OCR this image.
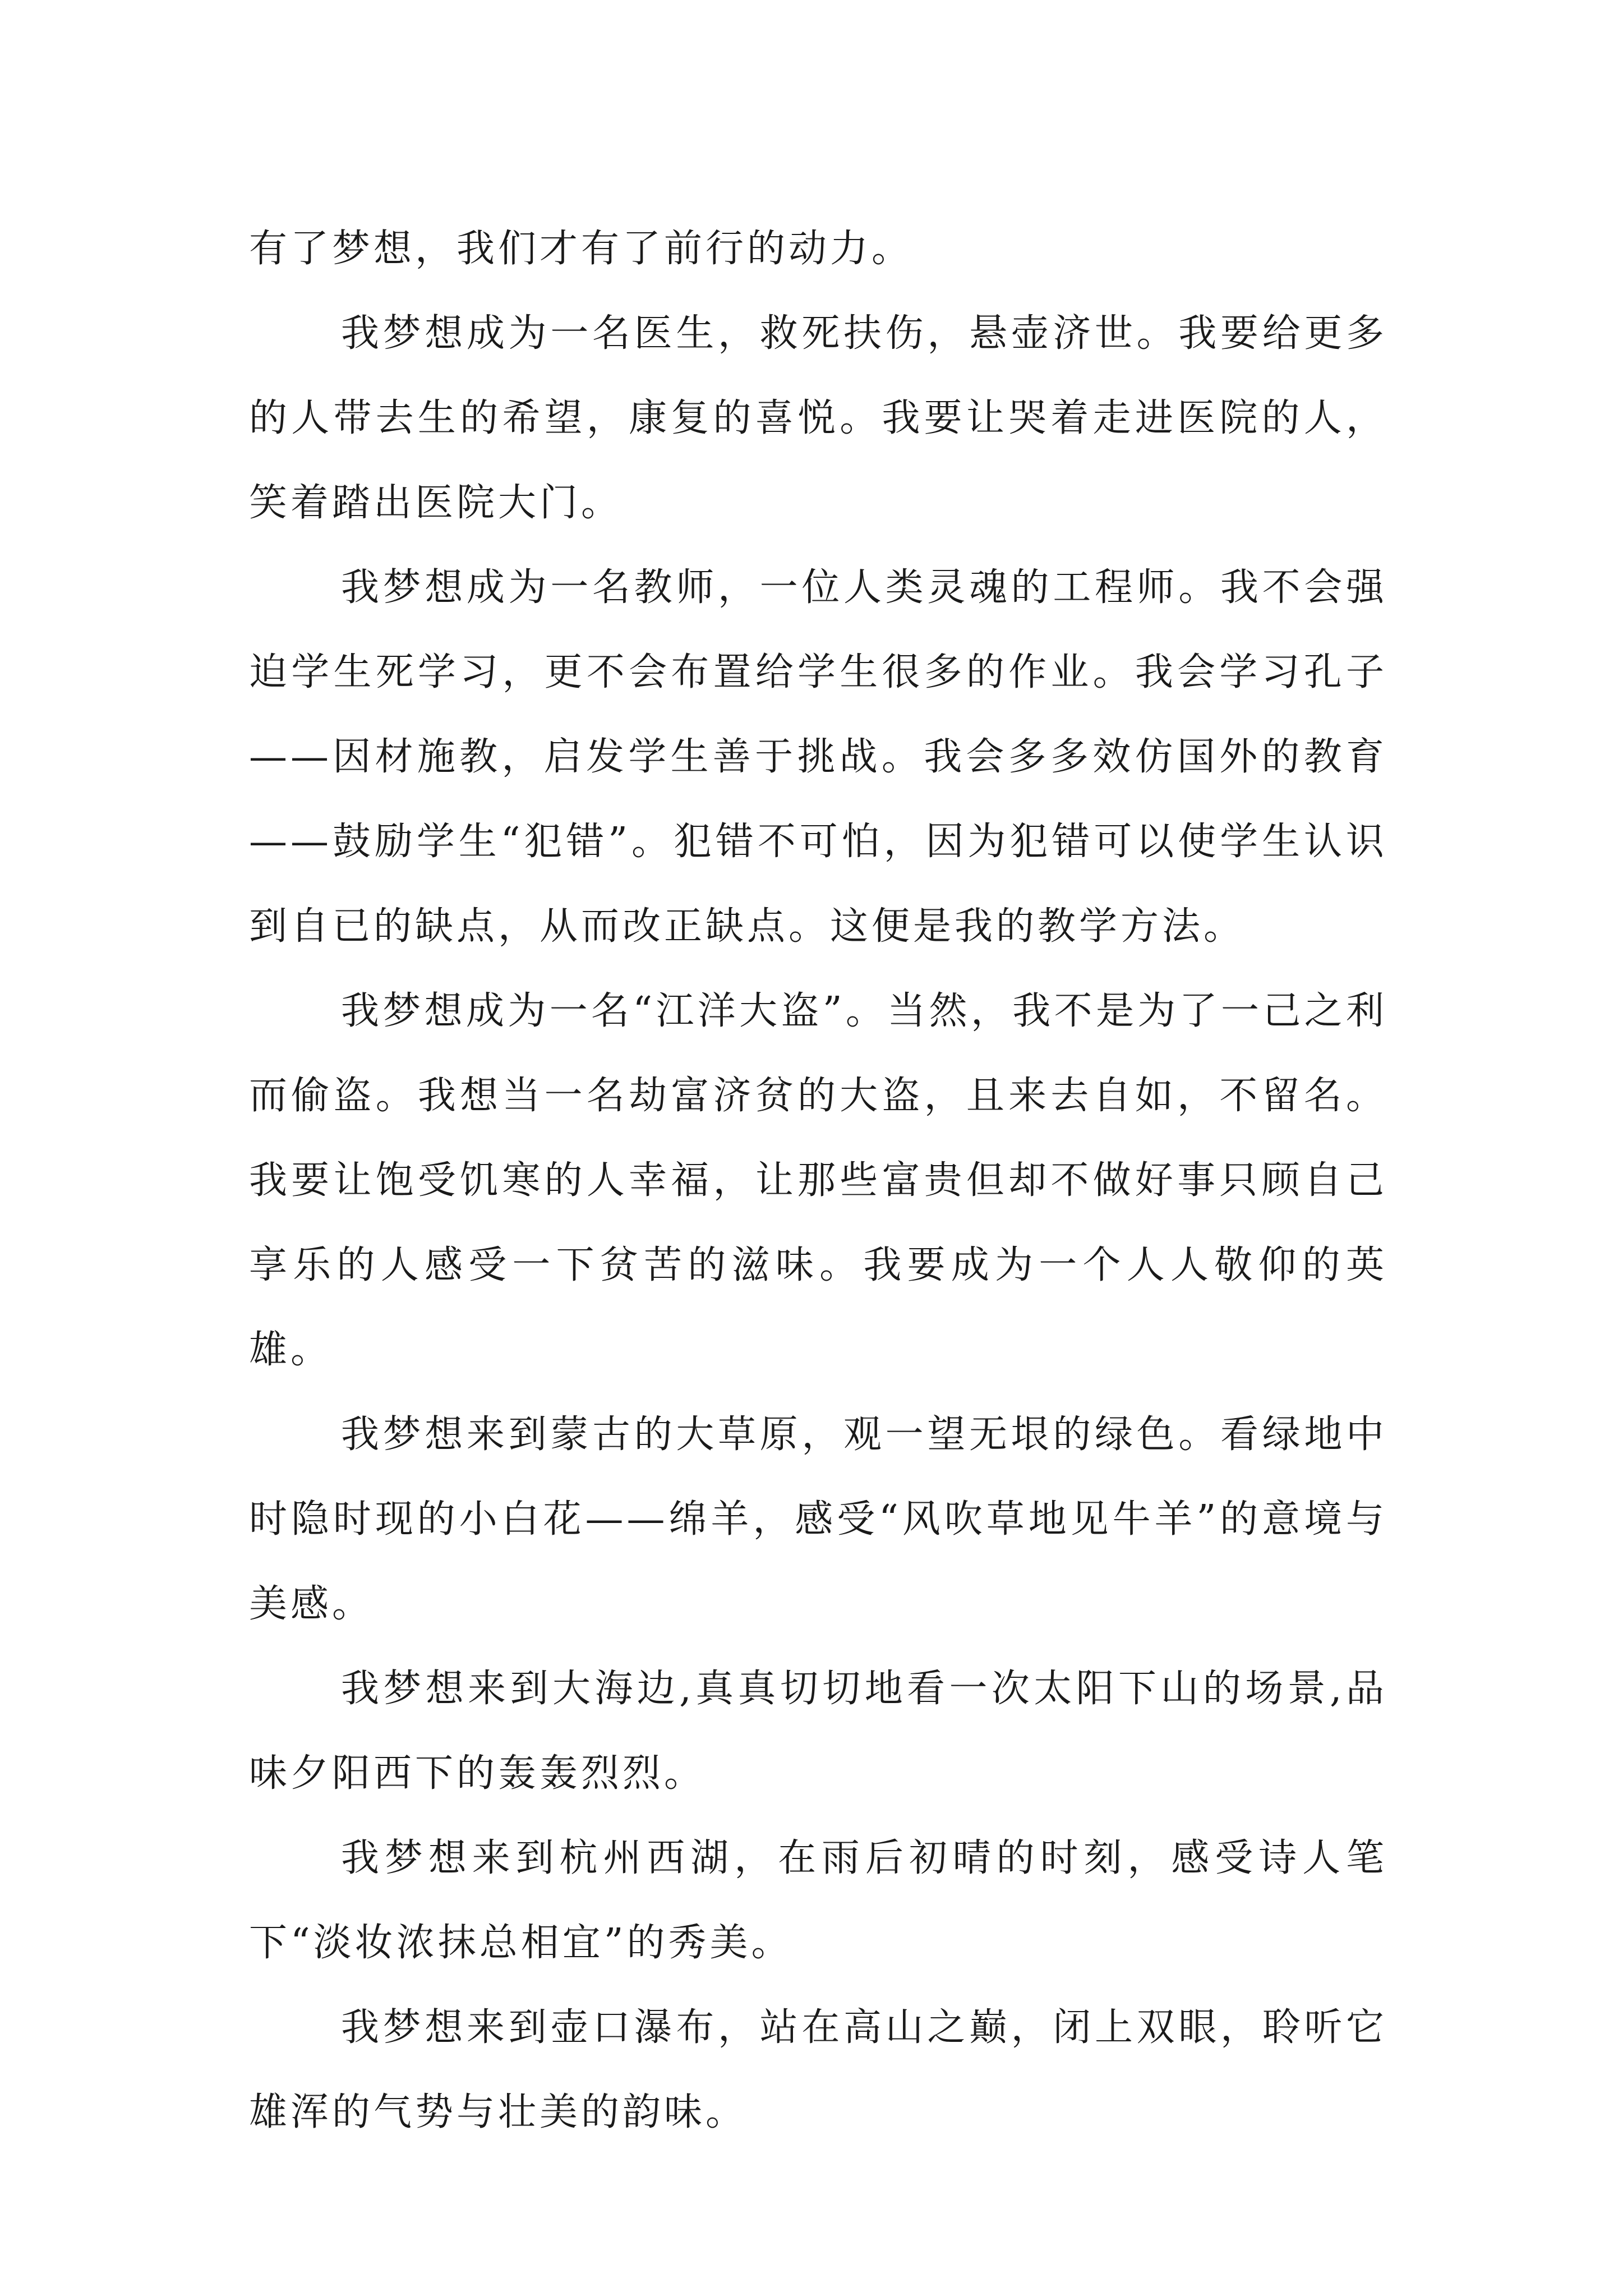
有了梦想，我们才有了前行的动力。

我梦想成为一名医生，救死扶伤，悬壶济世。我要给更多的人带去生的希望，康复的喜悦。我要让哭着走进医院的人，笑着踏出医院大门。

我梦想成为一名教师，一位人类灵魂的工程师。我不会强迫学生死学习，更不会布置给学生很多的作业。我会学习孔子——因材施教，启发学生善于挑战。我会多多效仿国外的教育——鼓励学生“犯错”。犯错不可怕，因为犯错可以使学生认识到自已的缺点，从而改正缺点。这便是我的教学方法。

我梦想成为一名“江洋大盗”。当然，我不是为了一己之利而偷盗。我想当一名劫富济贫的大盗，且来去自如，不留名。我要让饱受饥寒的人幸福，让那些富贵但却不做好事只顾自己享乐的人感受一下贫苦的滋味。我要成为一个人人敬仰的英雄。

我梦想来到蒙古的大草原，观一望无垠的绿色。看绿地中时隐时现的小白花——绵羊，感受“风吹草地见牛羊”的意境与美感。

我梦想来到大海边,真真切切地看一次太阳下山的场景,品味夕阳西下的轰轰烈烈。

我梦想来到杭州西湖，在雨后初晴的时刻，感受诗人笔下“淡妆浓抹总相宜”的秀美。

我梦想来到壶口瀑布，站在高山之巅，闭上双眼，聆听它雄浑的气势与壮美的韵味。
